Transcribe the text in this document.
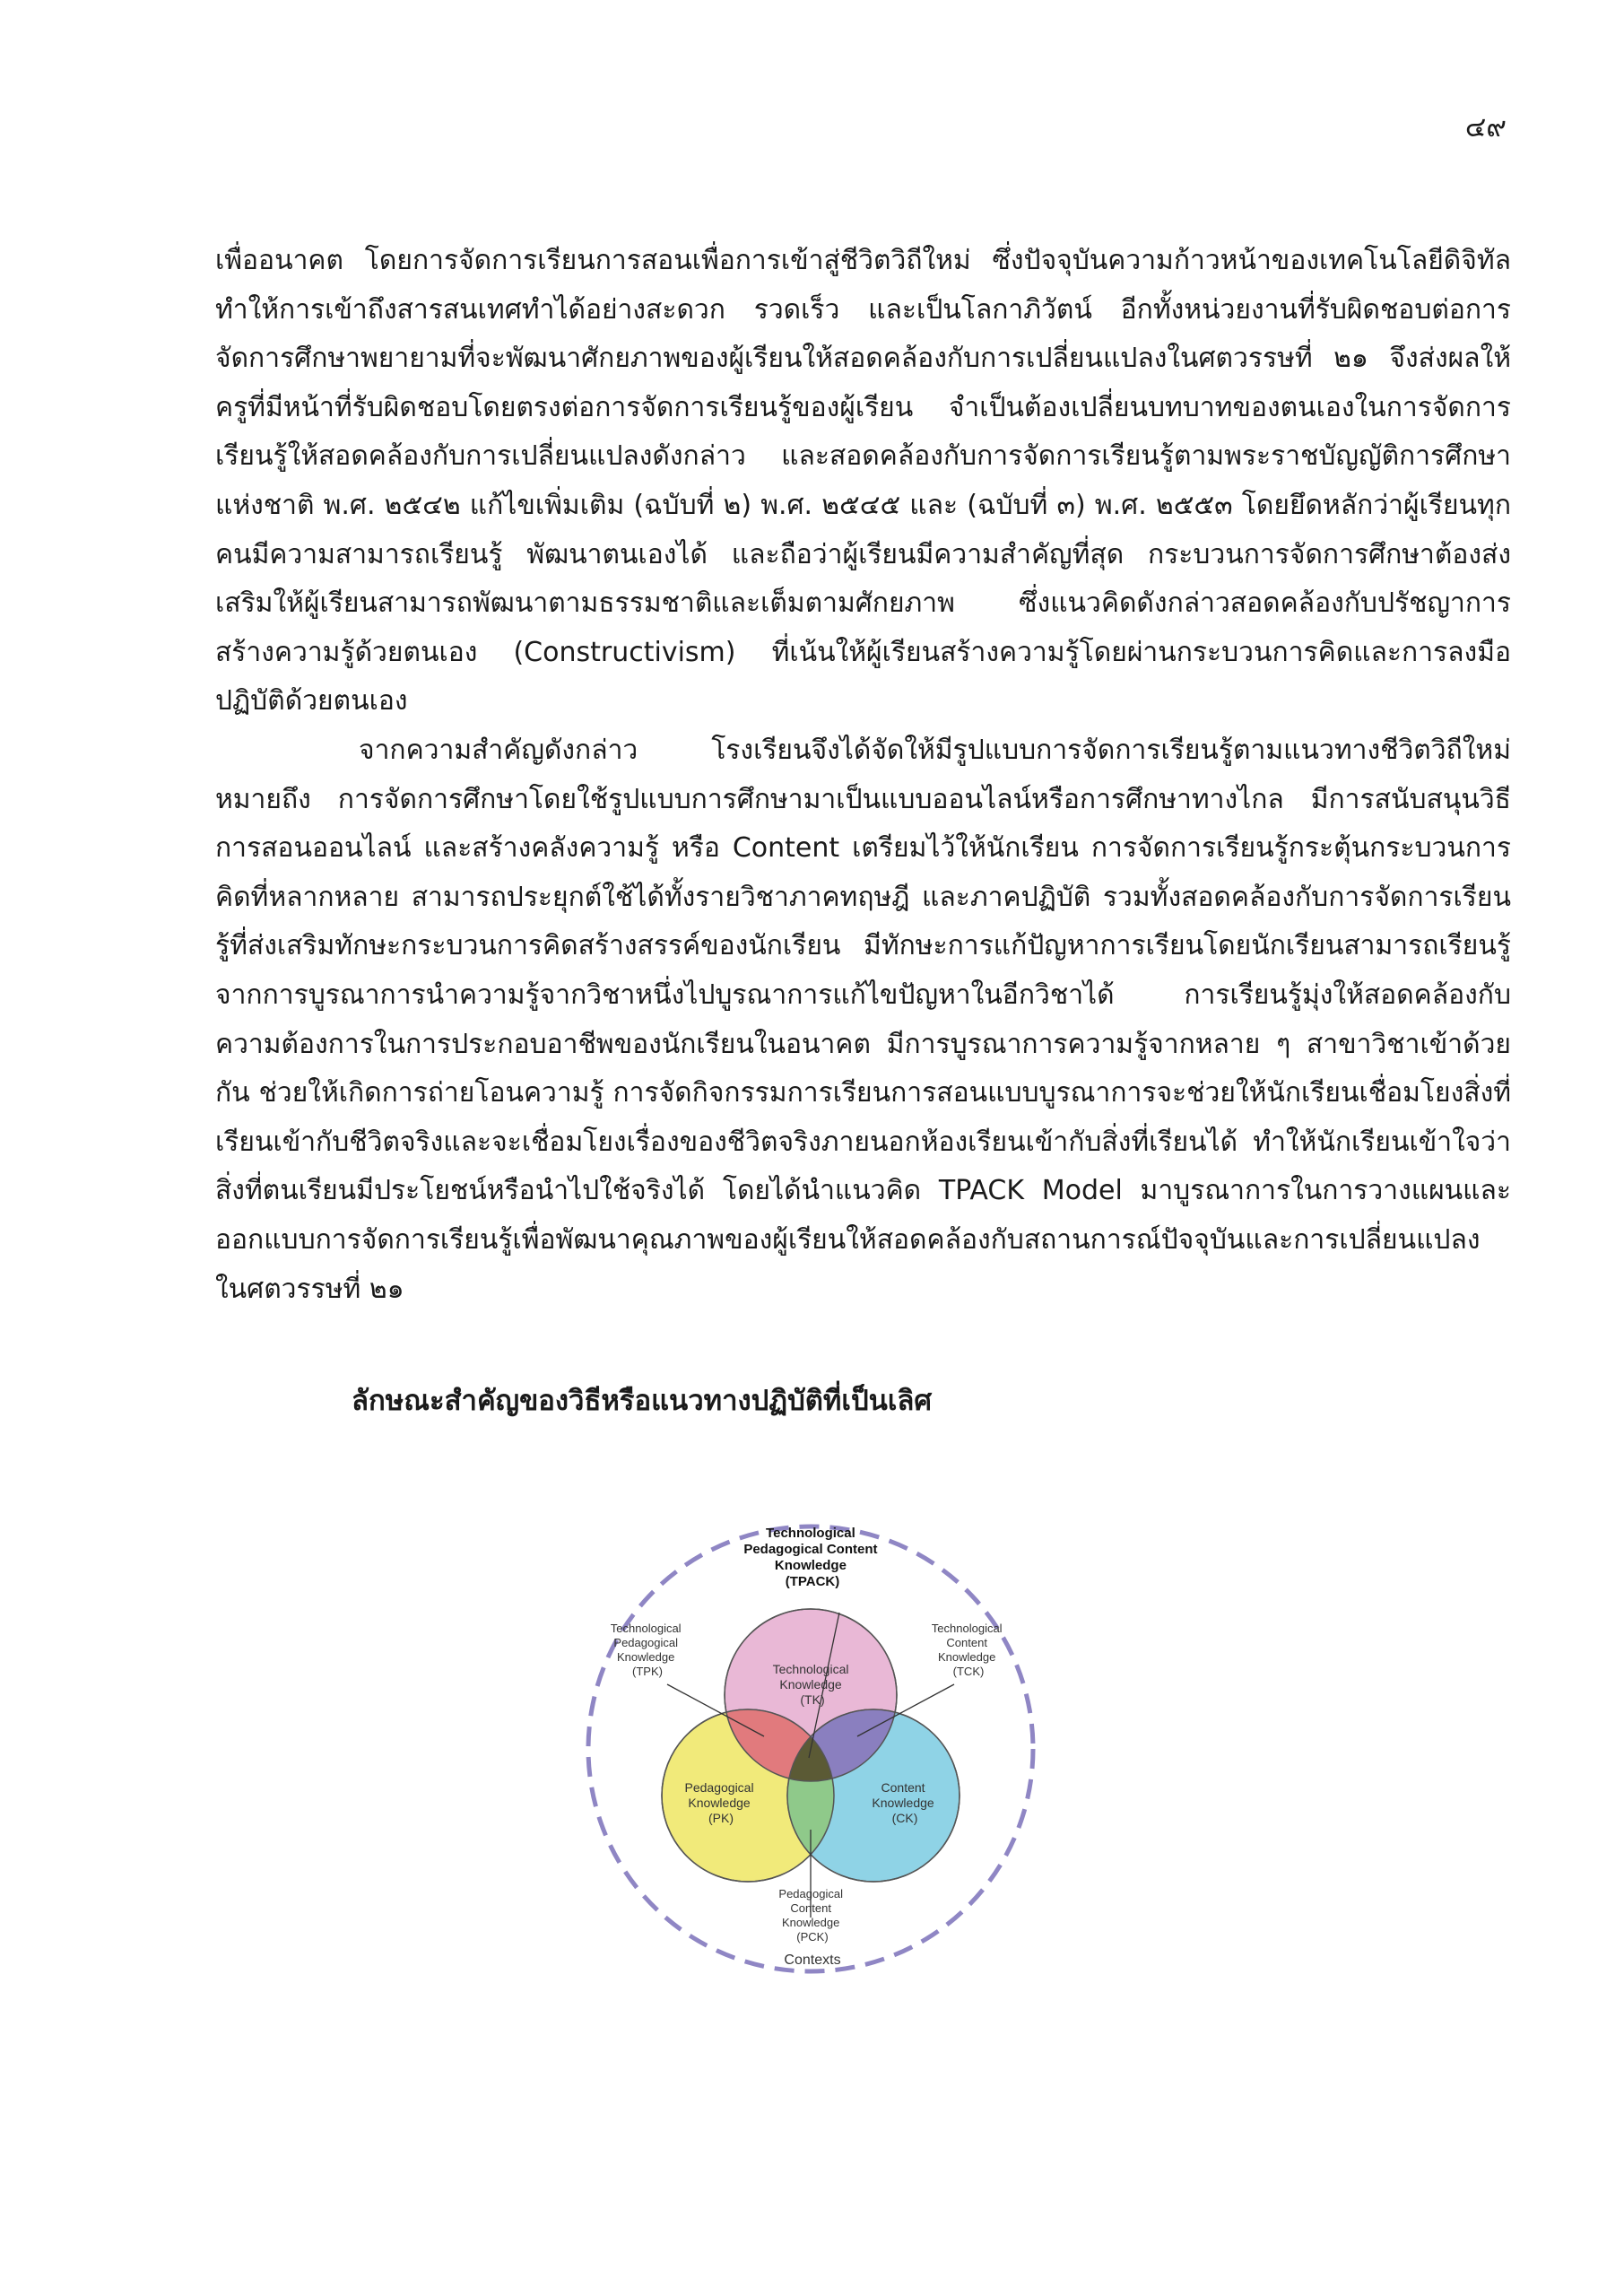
๔๙

เพื่ออนาคต โดยการจัดการเรียนการสอนเพื่อการเข้าสู่ชีวิตวิถีใหม่ ซึ่งปัจจุบันความก้าวหน้าของเทคโนโลยีดิจิทัล ทำให้การเข้าถึงสารสนเทศทำได้อย่างสะดวก รวดเร็ว และเป็นโลกาภิวัตน์ อีกทั้งหน่วยงานที่รับผิดชอบต่อการจัดการศึกษาพยายามที่จะพัฒนาศักยภาพของผู้เรียนให้สอดคล้องกับการเปลี่ยนแปลงในศตวรรษที่ ๒๑ จึงส่งผลให้ครูที่มีหน้าที่รับผิดชอบโดยตรงต่อการจัดการเรียนรู้ของผู้เรียน จำเป็นต้องเปลี่ยนบทบาทของตนเองในการจัดการเรียนรู้ให้สอดคล้องกับการเปลี่ยนแปลงดังกล่าว และสอดคล้องกับการจัดการเรียนรู้ตามพระราชบัญญัติการศึกษาแห่งชาติ พ.ศ. ๒๕๔๒ แก้ไขเพิ่มเติม (ฉบับที่ ๒) พ.ศ. ๒๕๔๕ และ (ฉบับที่ ๓) พ.ศ. ๒๕๕๓ โดยยึดหลักว่าผู้เรียนทุกคนมีความสามารถเรียนรู้ พัฒนาตนเองได้ และถือว่าผู้เรียนมีความสำคัญที่สุด กระบวนการจัดการศึกษาต้องส่งเสริมให้ผู้เรียนสามารถพัฒนาตามธรรมชาติและเต็มตามศักยภาพ ซึ่งแนวคิดดังกล่าวสอดคล้องกับปรัชญาการสร้างความรู้ด้วยตนเอง (Constructivism) ที่เน้นให้ผู้เรียนสร้างความรู้โดยผ่านกระบวนการคิดและการลงมือปฏิบัติด้วยตนเอง

จากความสำคัญดังกล่าว โรงเรียนจึงได้จัดให้มีรูปแบบการจัดการเรียนรู้ตามแนวทางชีวิตวิถีใหม่ หมายถึง การจัดการศึกษาโดยใช้รูปแบบการศึกษามาเป็นแบบออนไลน์หรือการศึกษาทางไกล มีการสนับสนุนวิธีการสอนออนไลน์ และสร้างคลังความรู้ หรือ Content เตรียมไว้ให้นักเรียน การจัดการเรียนรู้กระตุ้นกระบวนการคิดที่หลากหลาย สามารถประยุกต์ใช้ได้ทั้งรายวิชาภาคทฤษฎี และภาคปฏิบัติ รวมทั้งสอดคล้องกับการจัดการเรียนรู้ที่ส่งเสริมทักษะกระบวนการคิดสร้างสรรค์ของนักเรียน มีทักษะการแก้ปัญหาการเรียนโดยนักเรียนสามารถเรียนรู้จากการบูรณาการนำความรู้จากวิชาหนึ่งไปบูรณาการแก้ไขปัญหาในอีกวิชาได้ การเรียนรู้มุ่งให้สอดคล้องกับความต้องการในการประกอบอาชีพของนักเรียนในอนาคต มีการบูรณาการความรู้จากหลาย ๆ สาขาวิชาเข้าด้วยกัน ช่วยให้เกิดการถ่ายโอนความรู้ การจัดกิจกรรมการเรียนการสอนแบบบูรณาการจะช่วยให้นักเรียนเชื่อมโยงสิ่งที่เรียนเข้ากับชีวิตจริงและจะเชื่อมโยงเรื่องของชีวิตจริงภายนอกห้องเรียนเข้ากับสิ่งที่เรียนได้ ทำให้นักเรียนเข้าใจว่าสิ่งที่ตนเรียนมีประโยชน์หรือนำไปใช้จริงได้ โดยได้นำแนวคิด TPACK Model มาบูรณาการในการวางแผนและออกแบบการจัดการเรียนรู้เพื่อพัฒนาคุณภาพของผู้เรียนให้สอดคล้องกับสถานการณ์ปัจจุบันและการเปลี่ยนแปลงในศตวรรษที่ ๒๑

ลักษณะสำคัญของวิธีหรือแนวทางปฏิบัติที่เป็นเลิศ
Technological Pedagogical Content Knowledge (TPACK)
Technological Knowledge (TK)
Pedagogical Knowledge (PK)
Content Knowledge (CK)
Technological Pedagogical Knowledge (TPK)
Technological Content Knowledge (TCK)
Pedagogical Content Knowledge (PCK)
Contexts
